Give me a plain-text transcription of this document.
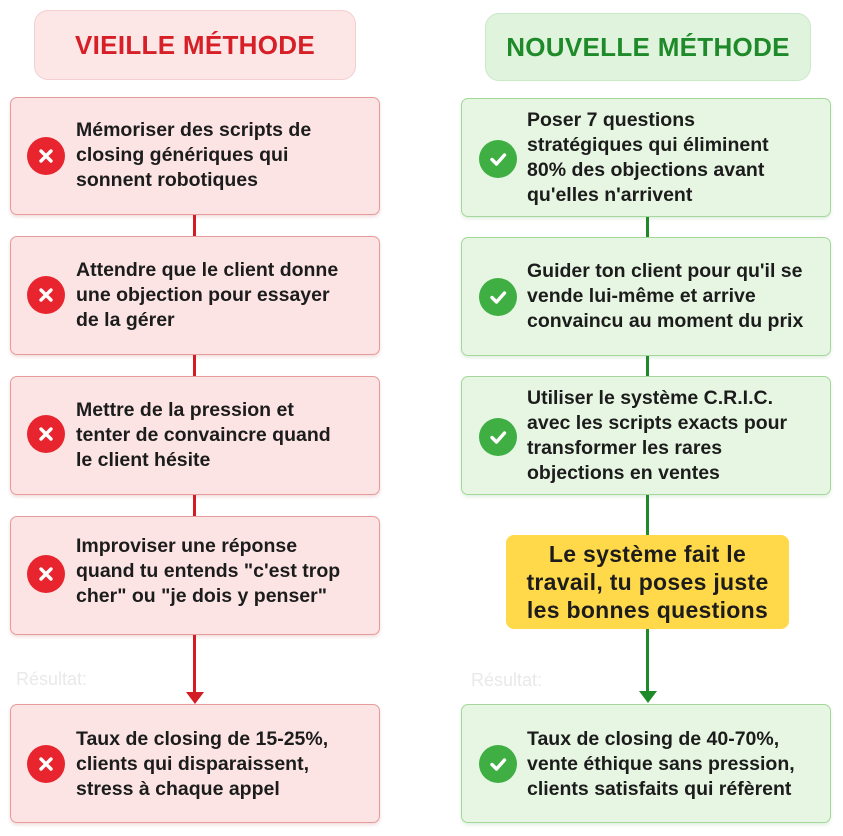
VIEILLE MÉTHODE	NOUVELLE MÉTHODE
Mémoriser des scripts de
closing génériques qui
sonnent robotiques
Attendre que le client donne
une objection pour essayer
de la gérer
Mettre de la pression et
tenter de convaincre quand
le client hésite
Improviser une réponse
quand tu entends "c'est trop
cher" ou "je dois y penser"
Poser 7 questions
stratégiques qui éliminent
80% des objections avant
qu'elles n'arrivent
Guider ton client pour qu'il se
vende lui-même et arrive
convaincu au moment du prix
Utiliser le système C.R.I.C.
avec les scripts exacts pour
transformer les rares
objections en ventes
Le système fait le
travail, tu poses juste
les bonnes questions
Résultat:	Résultat:
Taux de closing de 15-25%,
clients qui disparaissent,
stress à chaque appel
Taux de closing de 40-70%,
vente éthique sans pression,
clients satisfaits qui réfèrent
